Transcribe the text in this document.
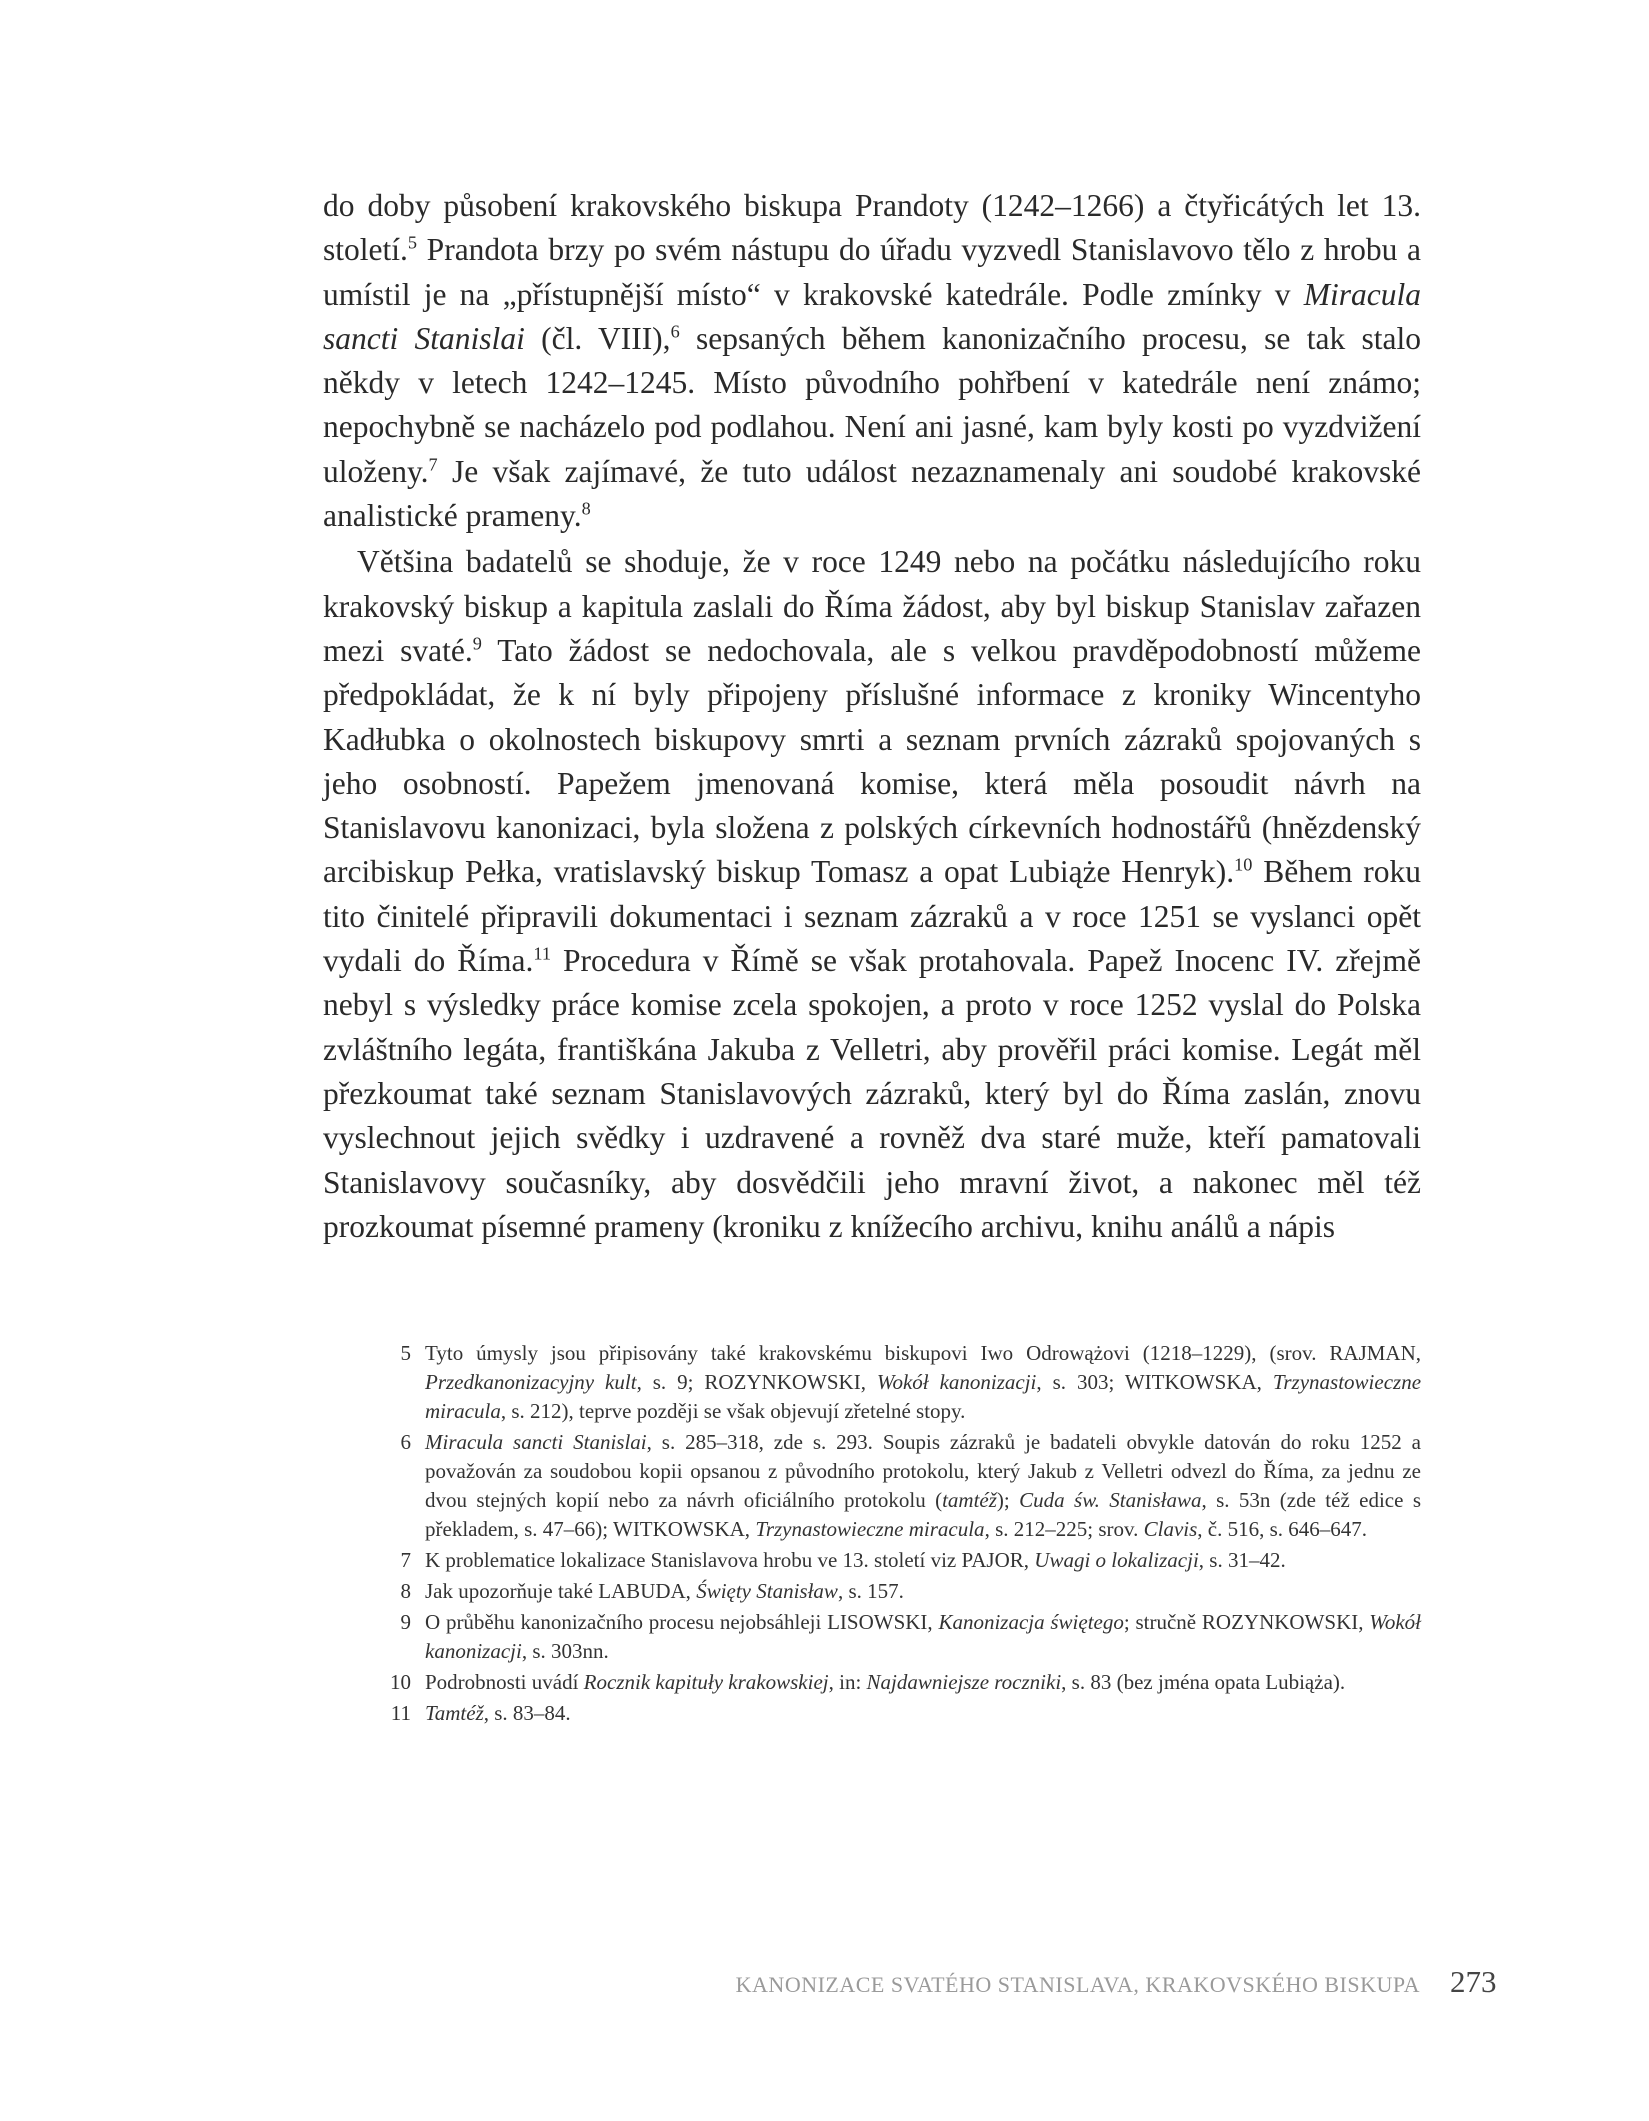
do doby působení krakovského biskupa Prandoty (1242–1266) a čtyřicátých let 13. století.$^5$ Prandota brzy po svém nástupu do úřadu vyzvedl Stanislavovo tělo z hrobu a umístil je na „přístupnější místo“ v krakovské katedrále. Podle zmínky v Miracula sancti Stanislai (čl. VIII),$^6$ sepsaných během kanonizačního procesu, se tak stalo někdy v letech 1242–1245. Místo původního pohřbení v katedrále není známo; nepochybně se nacházelo pod podlahou. Není ani jasné, kam byly kosti po vyzdvižení uloženy.$^7$ Je však zajímavé, že tuto událost nezaznamenaly ani soudobé krakovské analistické prameny.$^8$

Většina badatelů se shoduje, že v roce 1249 nebo na počátku následujícího roku krakovský biskup a kapitula zaslali do Říma žádost, aby byl biskup Stanislav zařazen mezi svaté.$^9$ Tato žádost se nedochovala, ale s velkou pravděpodobností můžeme předpokládat, že k ní byly připojeny příslušné informace z kroniky Wincentyho Kadłubka o okolnostech biskupovy smrti a seznam prvních zázraků spojovaných s jeho osobností. Papežem jmenovaná komise, která měla posoudit návrh na Stanislavovu kanonizaci, byla složena z polských církevních hodnostářů (hnězdenský arcibiskup Pełka, vratislavský biskup Tomasz a opat Lubiąże Henryk).$^{10}$ Během roku tito činitelé připravili dokumentaci i seznam zázraků a v roce 1251 se vyslanci opět vydali do Říma.$^{11}$ Procedura v Římě se však protahovala. Papež Inocenc IV. zřejmě nebyl s výsledky práce komise zcela spokojen, a proto v roce 1252 vyslal do Polska zvláštního legáta, františkána Jakuba z Velletri, aby prověřil práci komise. Legát měl přezkoumat také seznam Stanislavových zázraků, který byl do Říma zaslán, znovu vyslechnout jejich svědky i uzdravené a rovněž dva staré muže, kteří pamatovali Stanislavovy současníky, aby dosvědčili jeho mravní život, a nakonec měl též prozkoumat písemné prameny (kroniku z knížecího archivu, knihu análů a nápis

5 Tyto úmysly jsou připisovány také krakovskému biskupovi Iwo Odrowążovi (1218–1229), (srov. RAJMAN, Przedkanonizacyjny kult, s. 9; ROZYNKOWSKI, Wokół kanonizacji, s. 303; WITKOWSKA, Trzynastowieczne miracula, s. 212), teprve později se však objevují zřetelné stopy.
6 Miracula sancti Stanislai, s. 285–318, zde s. 293. Soupis zázraků je badateli obvykle datován do roku 1252 a považován za soudobou kopii opsanou z původního protokolu, který Jakub z Velletri odvezl do Říma, za jednu ze dvou stejných kopií nebo za návrh oficiálního protokolu (tamtéž); Cuda św. Stanisława, s. 53n (zde též edice s překladem, s. 47–66); WITKOWSKA, Trzynastowieczne miracula, s. 212–225; srov. Clavis, č. 516, s. 646–647.
7 K problematice lokalizace Stanislavova hrobu ve 13. století viz PAJOR, Uwagi o lokalizacji, s. 31–42.
8 Jak upozorňuje také LABUDA, Święty Stanisław, s. 157.
9 O průběhu kanonizačního procesu nejobsáhleji LISOWSKI, Kanonizacja świętego; stručně ROZYNKOWSKI, Wokół kanonizacji, s. 303nn.
10 Podrobnosti uvádí Rocznik kapituły krakowskiej, in: Najdawniejsze roczniki, s. 83 (bez jména opata Lubiąża).
11 Tamtéž, s. 83–84.
KANONIZACE SVATÉHO STANISLAVA, KRAKOVSKÉHO BISKUPA 273
